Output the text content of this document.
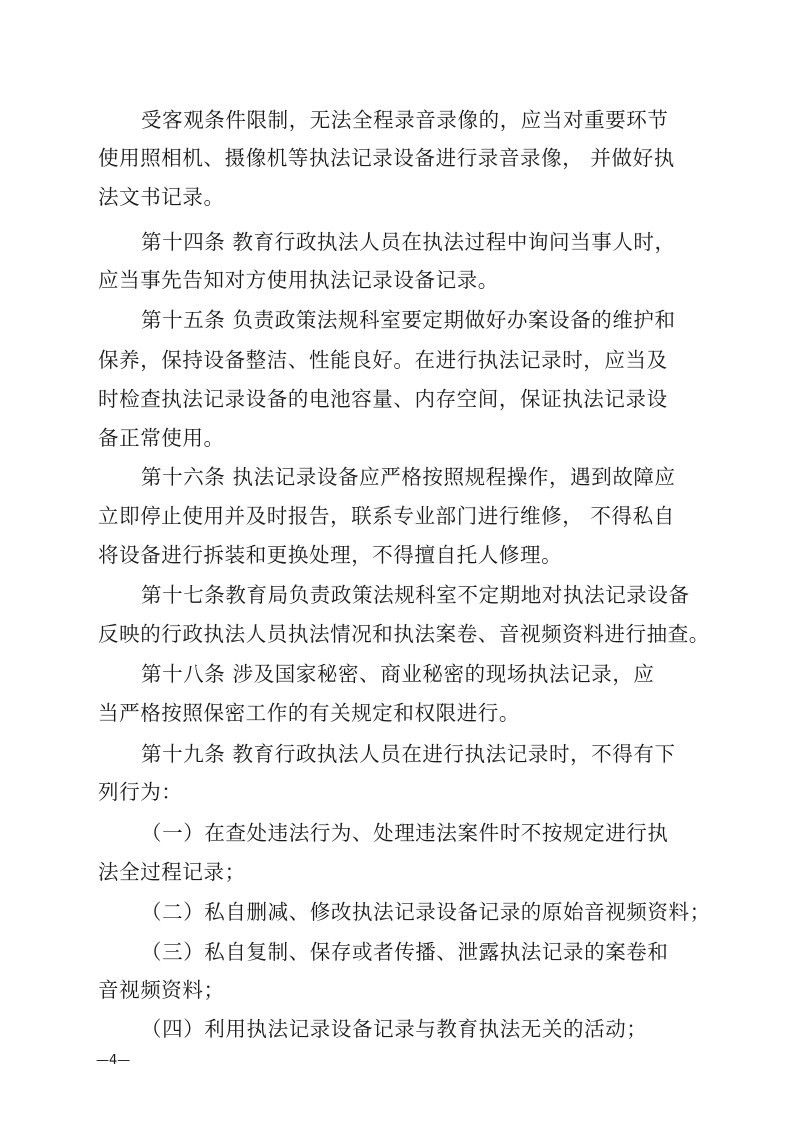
受客观条件限制，无法全程录音录像的，应当对重要环节
使用照相机、摄像机等执法记录设备进行录音录像， 并做好执
法文书记录。
第十四条 教育行政执法人员在执法过程中询问当事人时，
应当事先告知对方使用执法记录设备记录。
第十五条 负责政策法规科室要定期做好办案设备的维护和
保养，保持设备整洁、性能良好。在进行执法记录时，应当及
时检查执法记录设备的电池容量、内存空间，保证执法记录设
备正常使用。
第十六条 执法记录设备应严格按照规程操作，遇到故障应
立即停止使用并及时报告，联系专业部门进行维修， 不得私自
将设备进行拆装和更换处理，不得擅自托人修理。
第十七条教育局负责政策法规科室不定期地对执法记录设备
反映的行政执法人员执法情况和执法案卷、音视频资料进行抽查。
第十八条 涉及国家秘密、商业秘密的现场执法记录，应
当严格按照保密工作的有关规定和权限进行。
第十九条 教育行政执法人员在进行执法记录时，不得有下
列行为：
（一）在查处违法行为、处理违法案件时不按规定进行执
法全过程记录；
（二）私自删减、修改执法记录设备记录的原始音视频资料；
（三）私自复制、保存或者传播、泄露执法记录的案卷和
音视频资料；
（四）利用执法记录设备记录与教育执法无关的活动；
—4—
